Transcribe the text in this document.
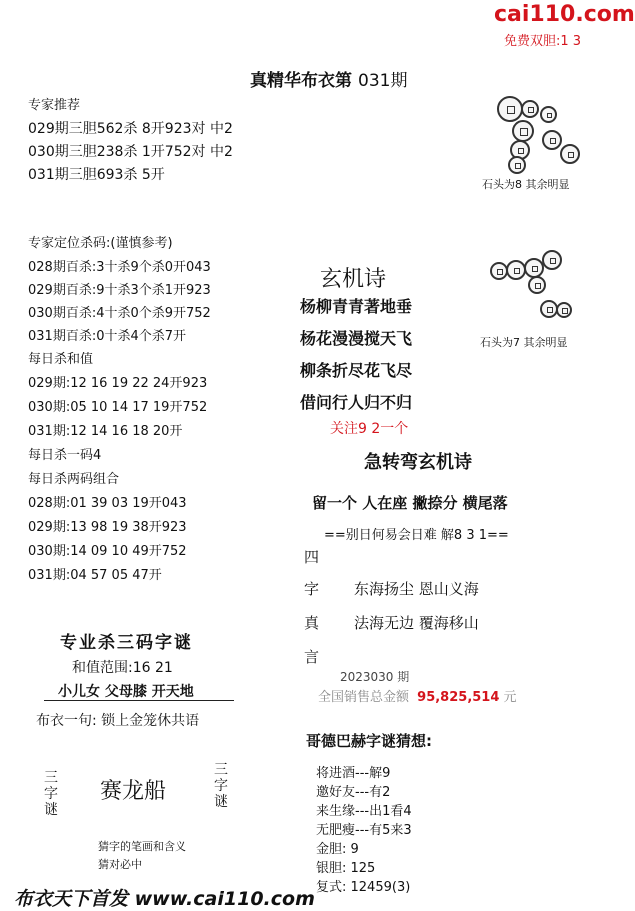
cai110.com
免费双胆:1 3
真精华布衣第 031期
专家推荐
029期三胆562杀 8开923对 中2
030期三胆238杀 1开752对 中2
031期三胆693杀 5开
专家定位杀码:(谨慎参考)
028期百杀:3十杀9个杀0开043
029期百杀:9十杀3个杀1开923
030期百杀:4十杀0个杀9开752
031期百杀:0十杀4个杀7开
每日杀和值
029期:12 16 19 22 24开923
030期:05 10 14 17 19开752
031期:12 14 16 18 20开
每日杀一码4
每日杀两码组合
028期:01 39 03 19开043
029期:13 98 19 38开923
030期:14 09 10 49开752
031期:04 57 05 47开
专业杀三码字谜
和值范围:16 21
小儿女 父母膝 开天地
布衣一句: 锁上金笼休共语
三字谜
赛龙船
三字谜
猜字的笔画和含义
猜对必中
布衣天下首发 www.cai110.com
石头为8 其余明显
石头为7 其余明显
玄机诗
杨柳青青著地垂
杨花漫漫搅天飞
柳条折尽花飞尽
借问行人归不归
关注9 2一个
急转弯玄机诗
留一个 人在座 撇捺分 横尾落
==别日何易会日难 解8 3 1==
四
字
真
言
东海扬尘 恩山义海
法海无边 覆海移山
2023030 期
全国销售总金额 95,825,514 元
哥德巴赫字谜猜想:
将进酒---解9
邀好友---有2
来生缘---出1看4
无肥瘦---有5来3
金胆: 9
银胆: 125
复式: 12459(3)
